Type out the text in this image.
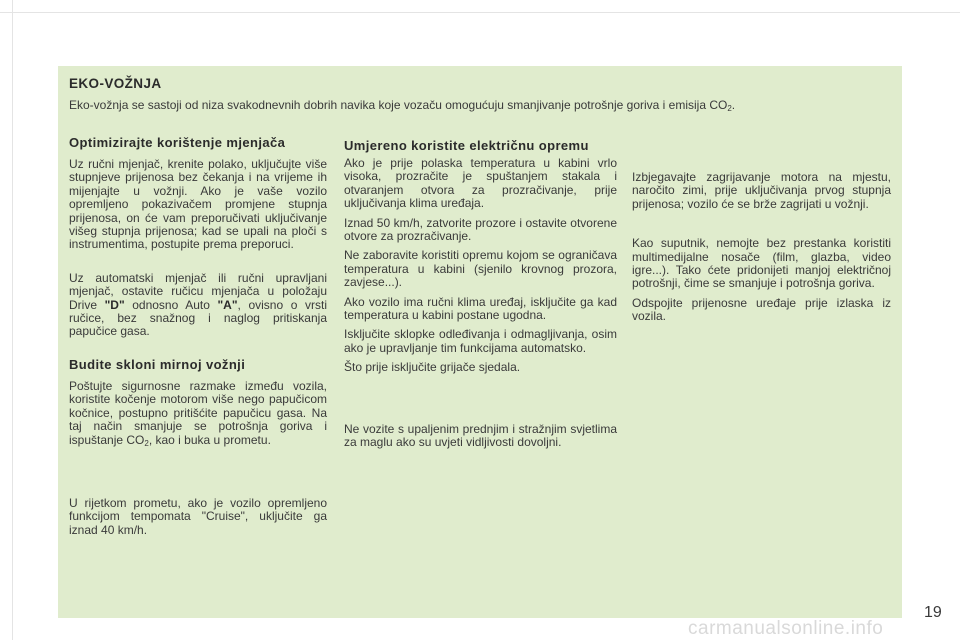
EKO-VOŽNJA
Eko-vožnja se sastoji od niza svakodnevnih dobrih navika koje vozaču omogućuju smanjivanje potrošnje goriva i emisija $CO_2$.
Optimizirajte korištenje mjenjača

Uz ručni mjenjač, krenite polako, uključujte više stupnjeve prijenosa bez čekanja i na vrijeme ih mijenjajte u vožnji. Ako je vaše vozilo opremljeno pokazivačem promjene stupnja prijenosa, on će vam preporučivati uključivanje višeg stupnja prijenosa; kad se upali na ploči s instrumentima, postupite prema preporuci.

Uz automatski mjenjač ili ručni upravljani mjenjač, ostavite ručicu mjenjača u položaju Drive "D" odnosno Auto "A", ovisno o vrsti ručice, bez snažnog i naglog pritiskanja papučice gasa.

Budite skloni mirnoj vožnji

Poštujte sigurnosne razmake između vozila, koristite kočenje motorom više nego papučicom kočnice, postupno pritišćite papučicu gasa. Na taj način smanjuje se potrošnja goriva i ispuštanje $CO_2$, kao i buka u prometu.

U rijetkom prometu, ako je vozilo opremljeno funkcijom tempomata "Cruise", uključite ga iznad 40 km/h.

Umjereno koristite električnu opremu

Ako je prije polaska temperatura u kabini vrlo visoka, prozračite je spuštanjem stakala i otvaranjem otvora za prozračivanje, prije uključivanja klima uređaja.

Iznad 50 km/h, zatvorite prozore i ostavite otvorene otvore za prozračivanje.

Ne zaboravite koristiti opremu kojom se ograničava temperatura u kabini (sjenilo krovnog prozora, zavjese...).

Ako vozilo ima ručni klima uređaj, isključite ga kad temperatura u kabini postane ugodna.

Isključite sklopke odleđivanja i odmagljivanja, osim ako je upravljanje tim funkcijama automatsko.

Što prije isključite grijače sjedala.

Ne vozite s upaljenim prednjim i stražnjim svjetlima za maglu ako su uvjeti vidljivosti dovoljni.

Izbjegavajte zagrijavanje motora na mjestu, naročito zimi, prije uključivanja prvog stupnja prijenosa; vozilo će se brže zagrijati u vožnji.

Kao suputnik, nemojte bez prestanka koristiti multimedijalne nosače (film, glazba, video igre...). Tako ćete pridonijeti manjoj električnoj potrošnji, čime se smanjuje i potrošnja goriva.

Odspojite prijenosne uređaje prije izlaska iz vozila.

19
carmanualsonline.info
